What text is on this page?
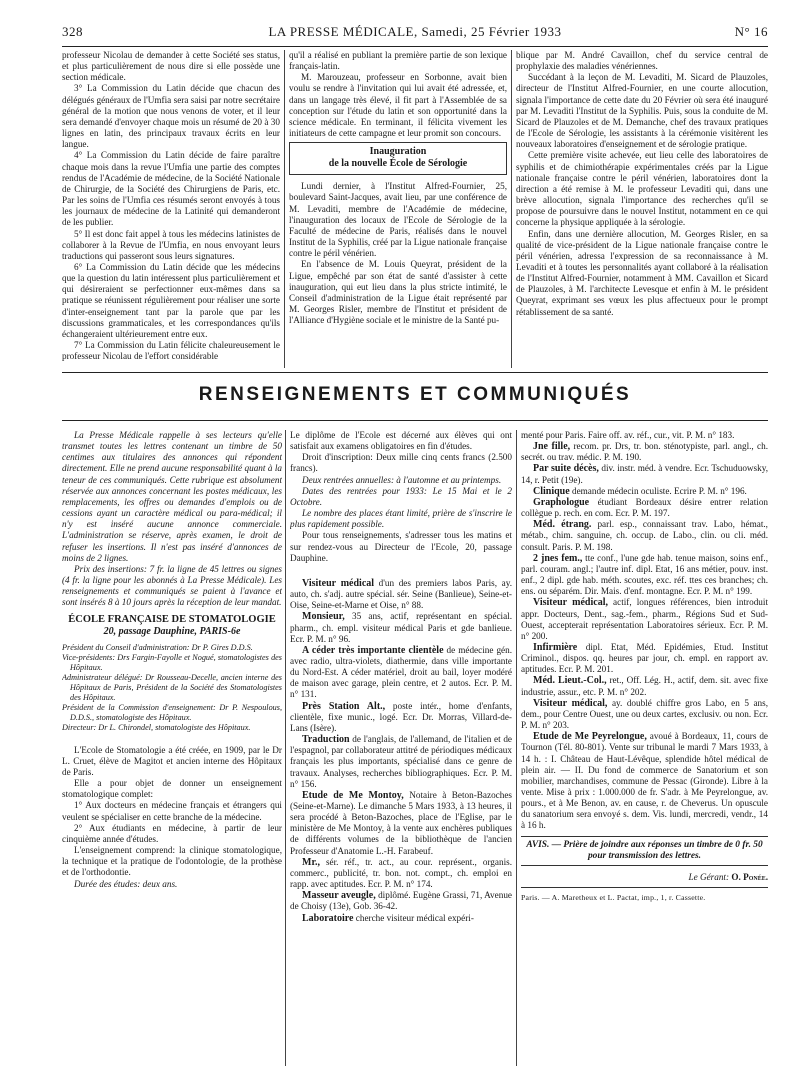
328	LA PRESSE MÉDICALE, Samedi, 25 Février 1933	N° 16

professeur Nicolau de demander à cette Société ses status, et plus particulièrement de nous dire si elle possède une section médicale.

3° La Commission du Latin décide que chacun des délégués généraux de l'Umfia sera saisi par notre secrétaire général de la motion que nous venons de voter, et il leur sera demandé d'envoyer chaque mois un résumé de 20 à 30 lignes en latin, des principaux travaux écrits en leur langue.

4° La Commission du Latin décide de faire paraître chaque mois dans la revue l'Umfia une partie des comptes rendus de l'Académie de médecine, de la Société Nationale de Chirurgie, de la Société des Chirurgiens de Paris, etc. Par les soins de l'Umfia ces résumés seront envoyés à tous les journaux de médecine de la Latinité qui demanderont de les publier.

5° Il est donc fait appel à tous les médecins latinistes de collaborer à la Revue de l'Umfia, en nous envoyant leurs traductions qui passeront sous leurs signatures.

6° La Commission du Latin décide que les médecins que la question du latin intéressent plus particulièrement et qui désireraient se perfectionner eux-mêmes dans sa pratique se réunissent régulièrement pour réaliser une sorte d'inter-enseignement tant par la parole que par les discussions grammaticales, et les correspondances qu'ils échangeraient ultérieurement entre eux.

7° La Commission du Latin félicite chaleureusement le professeur Nicolau de l'effort considérable

qu'il a réalisé en publiant la première partie de son lexique français-latin.

M. Marouzeau, professeur en Sorbonne, avait bien voulu se rendre à l'invitation qui lui avait été adressée, et, dans un langage très élevé, il fit part à l'Assemblée de sa conception sur l'étude du latin et son opportunité dans la science médicale. En terminant, il félicita vivement les initiateurs de cette campagne et leur promit son concours.

Inauguration
de la nouvelle École de Sérologie

Lundi dernier, à l'Institut Alfred-Fournier, 25, boulevard Saint-Jacques, avait lieu, par une conférence de M. Levaditi, membre de l'Académie de médecine, l'inauguration des locaux de l'Ecole de Sérologie de la Faculté de médecine de Paris, réalisés dans le nouvel Institut de la Syphilis, créé par la Ligue nationale française contre le péril vénérien.

En l'absence de M. Louis Queyrat, président de la Ligue, empêché par son état de santé d'assister à cette inauguration, qui eut lieu dans la plus stricte intimité, le Conseil d'administration de la Ligue était représenté par M. Georges Risler, membre de l'Institut et président de l'Alliance d'Hygiène sociale et le ministre de la Santé pu-

blique par M. André Cavaillon, chef du service central de prophylaxie des maladies vénériennes.

Succédant à la leçon de M. Levaditi, M. Sicard de Plauzoles, directeur de l'Institut Alfred-Fournier, en une courte allocution, signala l'importance de cette date du 20 Février où sera été inauguré par M. Levaditi l'Institut de la Syphilis. Puis, sous la conduite de M. Sicard de Plauzoles et de M. Demanche, chef des travaux pratiques de l'Ecole de Sérologie, les assistants à la cérémonie visitèrent les nouveaux laboratoires d'enseignement et de sérologie pratique.

Cette première visite achevée, eut lieu celle des laboratoires de syphilis et de chimiothérapie expérimentales créés par la Ligue nationale française contre le péril vénérien, laboratoires dont la direction a été remise à M. le professeur Levaditi qui, dans une brève allocution, signala l'importance des recherches qu'il se propose de poursuivre dans le nouvel Institut, notamment en ce qui concerne la physique appliquée à la sérologie.

Enfin, dans une dernière allocution, M. Georges Risler, en sa qualité de vice-président de la Ligue nationale française contre le péril vénérien, adressa l'expression de sa reconnaissance à M. Levaditi et à toutes les personnalités ayant collaboré à la réalisation de l'Institut Alfred-Fournier, notamment à MM. Cavaillon et Sicard de Plauzoles, à M. l'architecte Levesque et enfin à M. le président Queyrat, exprimant ses vœux les plus affectueux pour le prompt rétablissement de sa santé.

RENSEIGNEMENTS ET COMMUNIQUÉS

La Presse Médicale rappelle à ses lecteurs qu'elle transmet toutes les lettres contenant un timbre de 50 centimes aux titulaires des annonces qui répondent directement. Elle ne prend aucune responsabilité quant à la teneur de ces communiqués. Cette rubrique est absolument réservée aux annonces concernant les postes médicaux, les remplacements, les offres ou demandes d'emplois ou de cessions ayant un caractère médical ou para-médical; il n'y est inséré aucune annonce commerciale. L'administration se réserve, après examen, le droit de refuser les insertions. Il n'est pas inséré d'annonces de moins de 2 lignes.

Prix des insertions: 7 fr. la ligne de 45 lettres ou signes (4 fr. la ligne pour les abonnés à La Presse Médicale). Les renseignements et communiqués se paient à l'avance et sont insérés 8 à 10 jours après la réception de leur mandat.

ÉCOLE FRANÇAISE DE STOMATOLOGIE
20, passage Dauphine, PARIS-6e

Président du Conseil d'administration: Dr P. Gires D.D.S.

Vice-présidents: Drs Fargin-Fayolle et Nogué, stomatologistes des Hôpitaux.

Administrateur délégué: Dr Rousseau-Decelle, ancien interne des Hôpitaux de Paris, Président de la Société des Stomatologistes des Hôpitaux.

Président de la Commission d'enseignement: Dr P. Nespoulous, D.D.S., stomatologiste des Hôpitaux.

Directeur: Dr L. Chirondel, stomatologiste des Hôpitaux.

L'Ecole de Stomatologie a été créée, en 1909, par le Dr L. Cruet, élève de Magitot et ancien interne des Hôpitaux de Paris.

Elle a pour objet de donner un enseignement stomatologique complet:

1° Aux docteurs en médecine français et étrangers qui veulent se spécialiser en cette branche de la médecine.

2° Aux étudiants en médecine, à partir de leur cinquième année d'études.

L'enseignement comprend: la clinique stomatologique, la technique et la pratique de l'odontologie, de la prothèse et de l'orthodontie.

Durée des études: deux ans.

Le diplôme de l'Ecole est décerné aux élèves qui ont satisfait aux examens obligatoires en fin d'études.

Droit d'inscription: Deux mille cinq cents francs (2.500 francs).

Deux rentrées annuelles: à l'automne et au printemps.

Dates des rentrées pour 1933: Le 15 Mai et le 2 Octobre.

Le nombre des places étant limité, prière de s'inscrire le plus rapidement possible.

Pour tous renseignements, s'adresser tous les matins et sur rendez-vous au Directeur de l'Ecole, 20, passage Dauphine.

Visiteur médical d'un des premiers labos Paris, ay. auto, ch. s'adj. autre spécial. sér. Seine (Banlieue), Seine-et-Oise, Seine-et-Marne et Oise, n° 88.

Monsieur, 35 ans, actif, représentant en spécial. pharm., ch. empl. visiteur médical Paris et gde banlieue. Ecr. P. M. n° 96.

A céder très importante clientèle de médecine gén. avec radio, ultra-violets, diathermie, dans ville importante du Nord-Est. A céder matériel, droit au bail, loyer modéré de maison avec garage, plein centre, et 2 autos. Ecr. P. M. n° 131.

Près Station Alt., poste intér., home d'enfants, clientèle, fixe munic., logé. Ecr. Dr. Morras, Villard-de-Lans (Isère).

Traduction de l'anglais, de l'allemand, de l'italien et de l'espagnol, par collaborateur attitré de périodiques médicaux français les plus importants, spécialisé dans ce genre de travaux. Analyses, recherches bibliographiques. Ecr. P. M. n° 156.

Etude de Me Montoy, Notaire à Beton-Bazoches (Seine-et-Marne). Le dimanche 5 Mars 1933, à 13 heures, il sera procédé à Beton-Bazoches, place de l'Eglise, par le ministère de Me Montoy, à la vente aux enchères publiques de différents volumes de la bibliothèque de l'ancien Professeur d'Anatomie L.-H. Farabeuf.

Mr., sér. réf., tr. act., au cour. représent., organis. commerc., publicité, tr. bon. not. compt., ch. emploi en rapp. avec aptitudes. Ecr. P. M. n° 174.

Masseur aveugle, diplômé. Eugène Grassi, 71, Avenue de Choisy (13e), Gob. 36-42.

Laboratoire cherche visiteur médical expéri-

menté pour Paris. Faire off. av. réf., cur., vit. P. M. n° 183.

Jne fille, recom. pr. Drs, tr. bon. sténotypiste, parl. angl., ch. secrét. ou trav. médic. P. M. 190.

Par suite décès, div. instr. méd. à vendre. Ecr. Tschuduowsky, 14, r. Petit (19e).

Clinique demande médecin oculiste. Ecrire P. M. n° 196.

Graphologue étudiant Bordeaux désire entrer relation collègue p. rech. en com. Ecr. P. M. 197.

Méd. étrang. parl. esp., connaissant trav. Labo, hémat., métab., chim. sanguine, ch. occup. de Labo., clin. ou cli. méd. consult. Paris. P. M. 198.

2 jnes fem., tte conf., l'une gde hab. tenue maison, soins enf., parl. couram. angl.; l'autre inf. dipl. Etat, 16 ans métier, pouv. inst. enf., 2 dipl. gde hab. méth. scoutes, exc. réf. ttes ces branches; ch. ens. ou séparém. Dir. Mais. d'enf. montagne. Ecr. P. M. n° 199.

Visiteur médical, actif, longues références, bien introduit appr. Docteurs, Dent., sag.-fem., pharm., Régions Sud et Sud-Ouest, accepterait représentation Laboratoires sérieux. Ecr. P. M. n° 200.

Infirmière dipl. Etat, Méd. Epidémies, Etud. Institut Criminol., dispos. qq. heures par jour, ch. empl. en rapport av. aptitudes. Ecr. P. M. 201.

Méd. Lieut.-Col., ret., Off. Lég. H., actif, dem. sit. avec fixe industrie, assur., etc. P. M. n° 202.

Visiteur médical, ay. doublé chiffre gros Labo, en 5 ans, dem., pour Centre Ouest, une ou deux cartes, exclusiv. ou non. Ecr. P. M. n° 203.

Etude de Me Peyrelongue, avoué à Bordeaux, 11, cours de Tournon (Tél. 80-801). Vente sur tribunal le mardi 7 Mars 1933, à 14 h. : I. Château de Haut-Lévêque, splendide hôtel médical de plein air. — II. Du fond de commerce de Sanatorium et son mobilier, marchandises, commune de Pessac (Gironde). Libre à la vente. Mise à prix : 1.000.000 de fr. S'adr. à Me Peyrelongue, av. pours., et à Me Benon, av. en cause, r. de Cheverus. Un opuscule du sanatorium sera envoyé s. dem. Vis. lundi, mercredi, vendr., 14 à 16 h.

AVIS. — Prière de joindre aux réponses un timbre de 0 fr. 50 pour transmission des lettres.
Le Gérant: O. Ponée.
Paris. — A. Maretheux et L. Pactat, imp., 1, r. Cassette.
